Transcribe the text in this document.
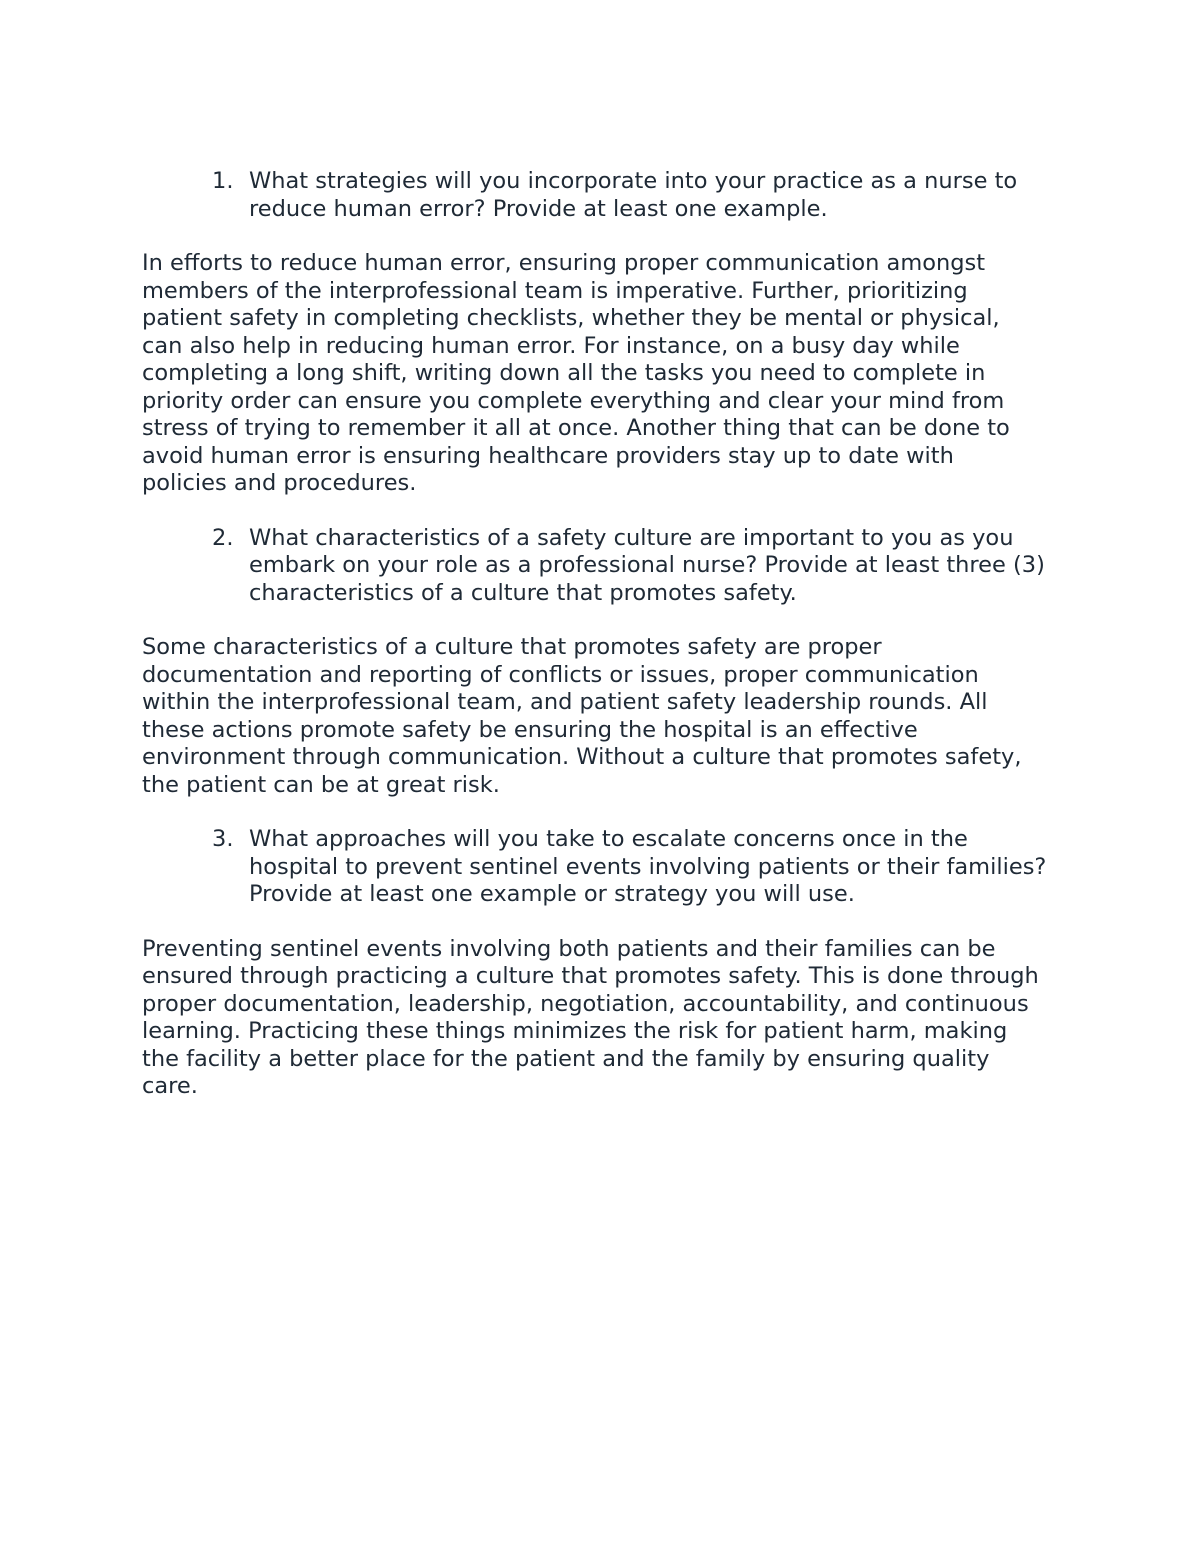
1. What strategies will you incorporate into your practice as a nurse to reduce human error? Provide at least one example.

In efforts to reduce human error, ensuring proper communication amongst members of the interprofessional team is imperative. Further, prioritizing patient safety in completing checklists, whether they be mental or physical, can also help in reducing human error. For instance, on a busy day while completing a long shift, writing down all the tasks you need to complete in priority order can ensure you complete everything and clear your mind from stress of trying to remember it all at once. Another thing that can be done to avoid human error is ensuring healthcare providers stay up to date with policies and procedures.

2. What characteristics of a safety culture are important to you as you embark on your role as a professional nurse? Provide at least three (3) characteristics of a culture that promotes safety.

Some characteristics of a culture that promotes safety are proper documentation and reporting of conflicts or issues, proper communication within the interprofessional team, and patient safety leadership rounds. All these actions promote safety be ensuring the hospital is an effective environment through communication. Without a culture that promotes safety, the patient can be at great risk.

3. What approaches will you take to escalate concerns once in the hospital to prevent sentinel events involving patients or their families? Provide at least one example or strategy you will use.

Preventing sentinel events involving both patients and their families can be ensured through practicing a culture that promotes safety. This is done through proper documentation, leadership, negotiation, accountability, and continuous learning. Practicing these things minimizes the risk for patient harm, making the facility a better place for the patient and the family by ensuring quality care.
